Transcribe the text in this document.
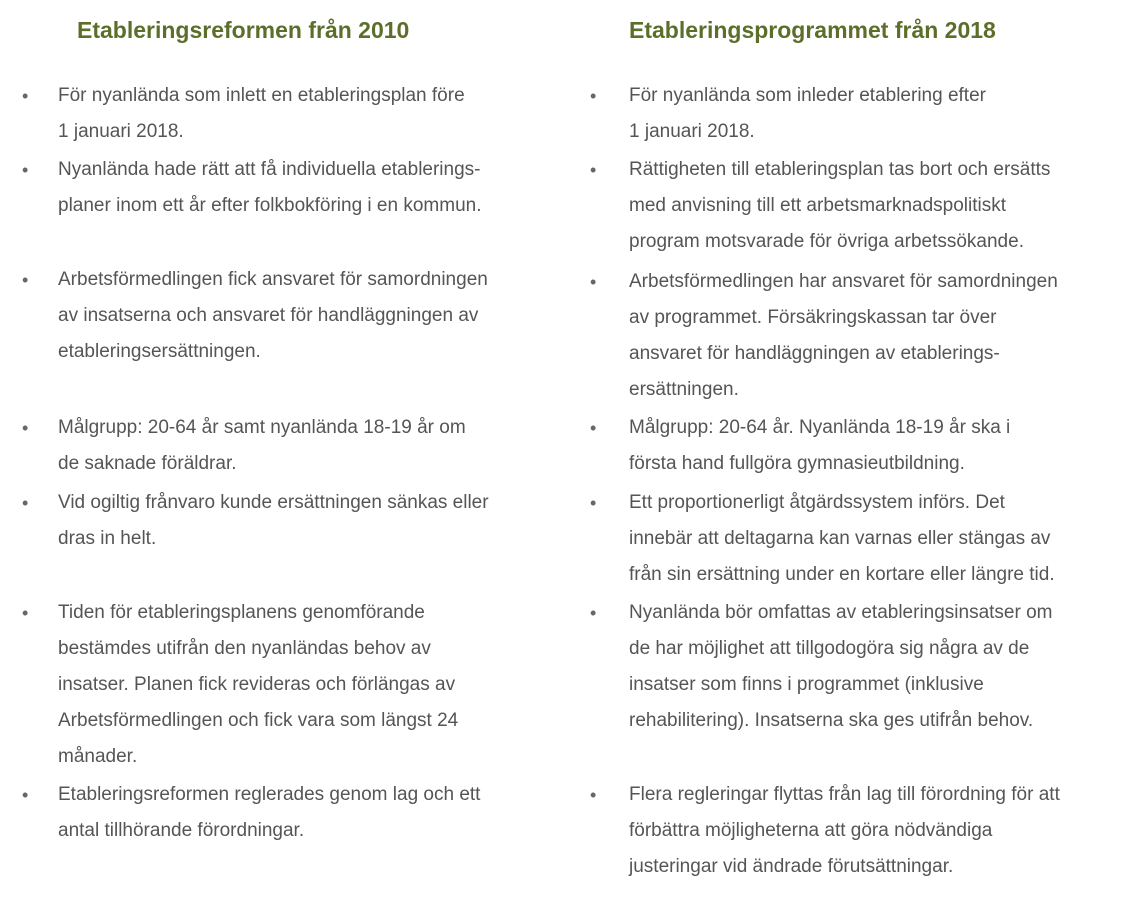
Etableringsreformen från 2010
• För nyanlända som inlett en etableringsplan före
1 januari 2018.
• Nyanlända hade rätt att få individuella etablerings-
planer inom ett år efter folkbokföring i en kommun.
• Arbetsförmedlingen fick ansvaret för samordningen
av insatserna och ansvaret för handläggningen av
etableringsersättningen.
• Målgrupp: 20-64 år samt nyanlända 18-19 år om
de saknade föräldrar.
• Vid ogiltig frånvaro kunde ersättningen sänkas eller
dras in helt.
• Tiden för etableringsplanens genomförande
bestämdes utifrån den nyanländas behov av
insatser. Planen fick revideras och förlängas av
Arbetsförmedlingen och fick vara som längst 24
månader.
• Etableringsreformen reglerades genom lag och ett
antal tillhörande förordningar.
Etableringsprogrammet från 2018
• För nyanlända som inleder etablering efter
1 januari 2018.
• Rättigheten till etableringsplan tas bort och ersätts
med anvisning till ett arbetsmarknadspolitiskt
program motsvarade för övriga arbetssökande.
• Arbetsförmedlingen har ansvaret för samordningen
av programmet. Försäkringskassan tar över
ansvaret för handläggningen av etablerings-
ersättningen.
• Målgrupp: 20-64 år. Nyanlända 18-19 år ska i
första hand fullgöra gymnasieutbildning.
• Ett proportionerligt åtgärdssystem införs. Det
innebär att deltagarna kan varnas eller stängas av
från sin ersättning under en kortare eller längre tid.
• Nyanlända bör omfattas av etableringsinsatser om
de har möjlighet att tillgodogöra sig några av de
insatser som finns i programmet (inklusive
rehabilitering). Insatserna ska ges utifrån behov.
• Flera regleringar flyttas från lag till förordning för att
förbättra möjligheterna att göra nödvändiga
justeringar vid ändrade förutsättningar.
